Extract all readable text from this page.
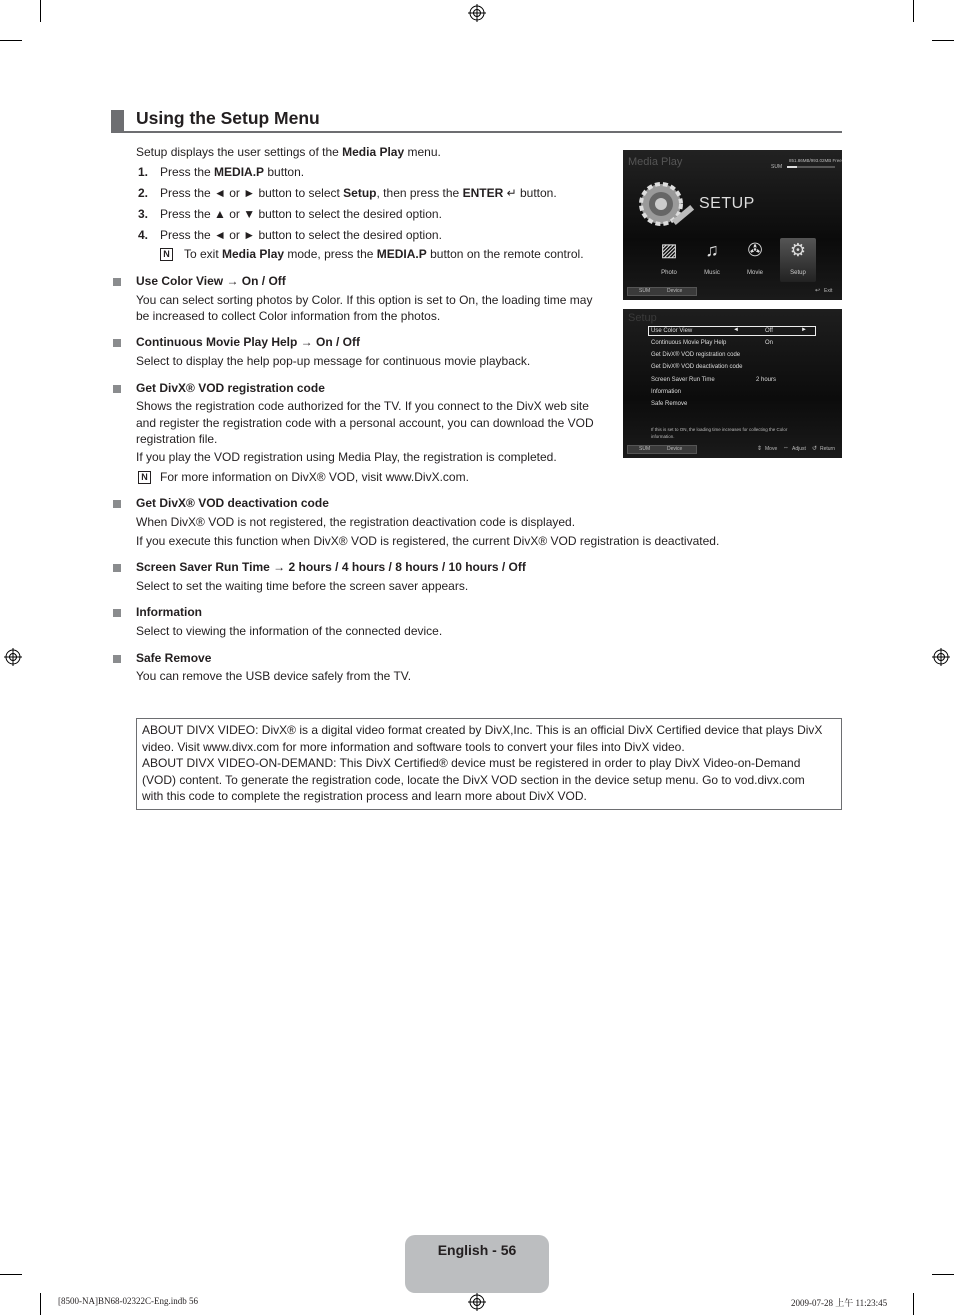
Using the Setup Menu
Setup displays the user settings of the Media Play menu.
1. Press the MEDIA.P button.
2. Press the ◄ or ► button to select Setup, then press the ENTER ↵ button.
3. Press the ▲ or ▼ button to select the desired option.
4. Press the ◄ or ► button to select the desired option.
N To exit Media Play mode, press the MEDIA.P button on the remote control.
Use Color View → On / Off
You can select sorting photos by Color. If this option is set to On, the loading time may
be increased to collect Color information from the photos.
Continuous Movie Play Help → On / Off
Select to display the help pop-up message for continuous movie playback.
Get DivX® VOD registration code
Shows the registration code authorized for the TV. If you connect to the DivX web site
and register the registration code with a personal account, you can download the VOD
registration file.
If you play the VOD registration using Media Play, the registration is completed.
N For more information on DivX® VOD, visit www.DivX.com.
Get DivX® VOD deactivation code
When DivX® VOD is not registered, the registration deactivation code is displayed.
If you execute this function when DivX® VOD is registered, the current DivX® VOD registration is deactivated.
Screen Saver Run Time → 2 hours / 4 hours / 8 hours / 10 hours / Off
Select to set the waiting time before the screen saver appears.
Information
Select to viewing the information of the connected device.
Safe Remove
You can remove the USB device safely from the TV.
Media Play	851.86MB/993.02MB Free
SUM
SETUP
▨
Photo
♫
Music
✇
Movie
⚙
Setup
SUM	Device	↩ Exit
Setup
◄	►
Use Color View	Off
Continuous Movie Play Help	On
Get DivX® VOD registration code
Get DivX® VOD deactivation code
Screen Saver Run Time	2 hours
Information
Safe Remove
If this is set to ON, the loading time increases for collecting the Color
information.
SUM	Device	⇕ Move ⇔ Adjust ↺ Return
ABOUT DIVX VIDEO: DivX® is a digital video format created by DivX,Inc. This is an official DivX Certified device that plays DivX
video. Visit www.divx.com for more information and software tools to convert your files into DivX video.
ABOUT DIVX VIDEO-ON-DEMAND: This DivX Certified® device must be registered in order to play DivX Video-on-Demand
(VOD) content. To generate the registration code, locate the DivX VOD section in the device setup menu. Go to vod.divx.com
with this code to complete the registration process and learn more about DivX VOD.
English - 56
[8500-NA]BN68-02322C-Eng.indb 56	2009-07-28 上午 11:23:45
